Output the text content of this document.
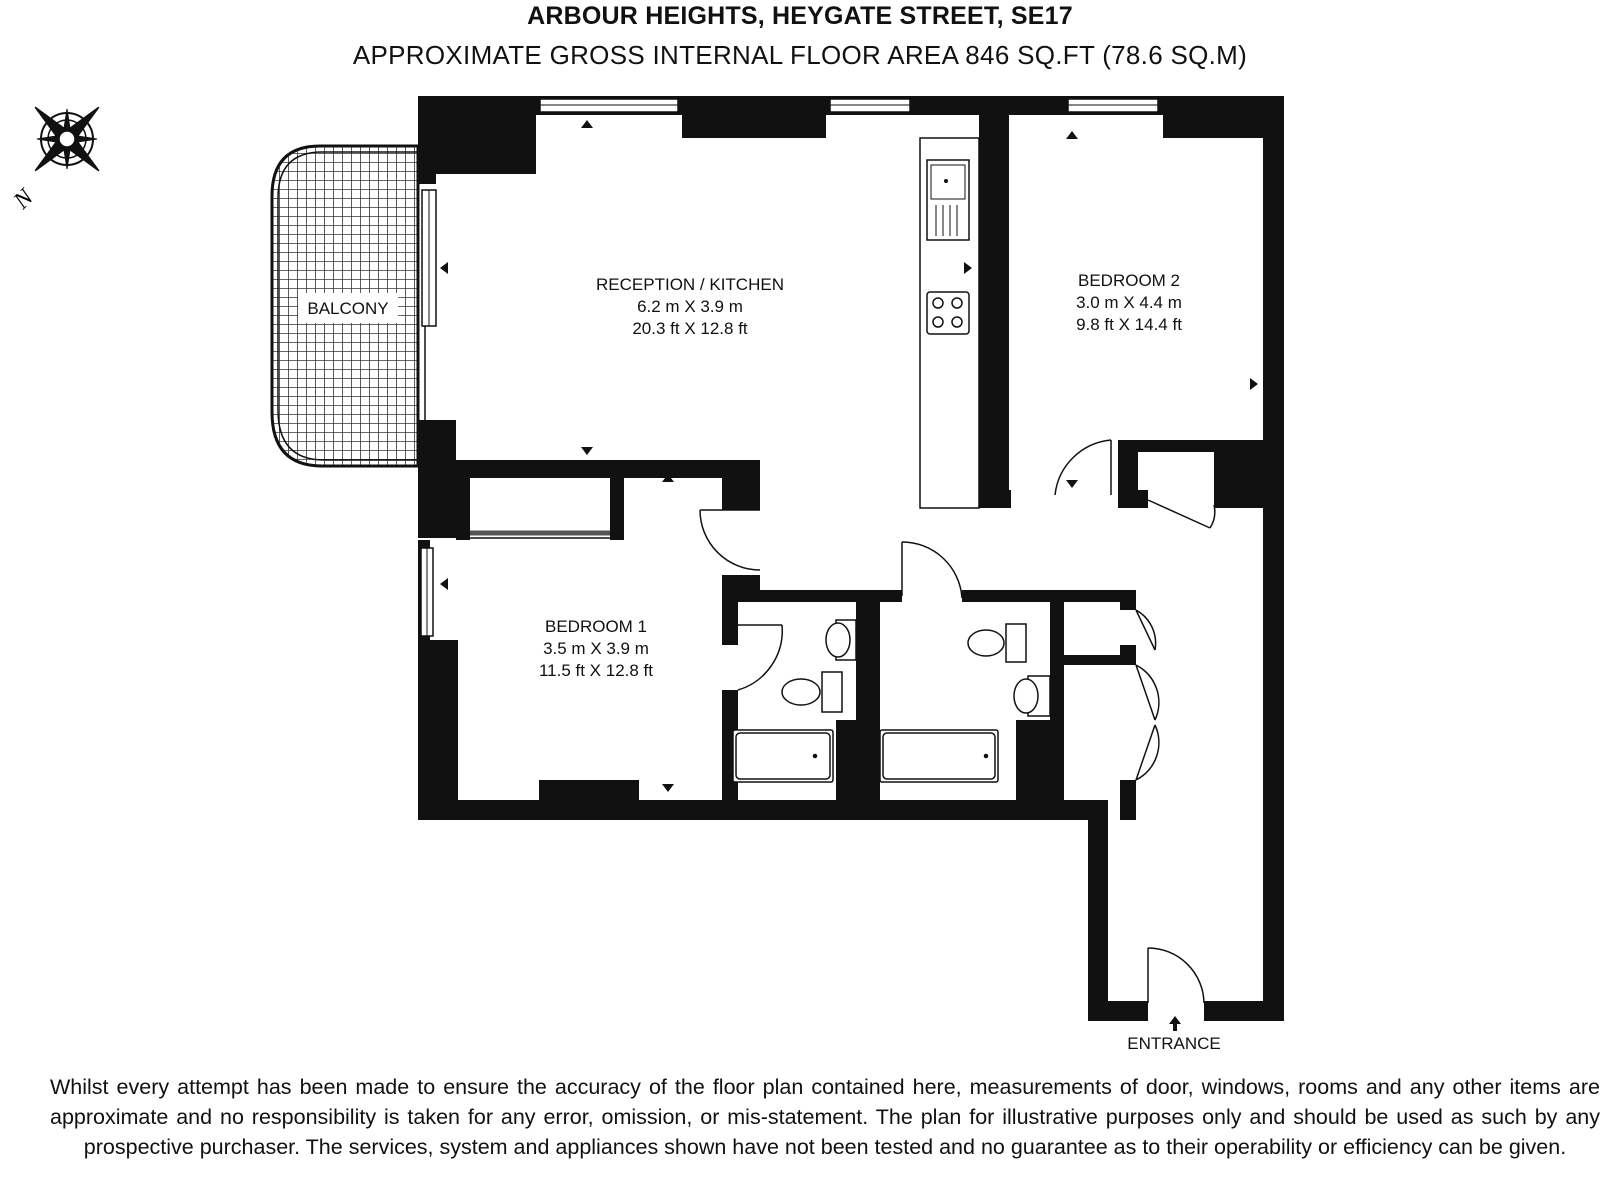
ARBOUR HEIGHTS, HEYGATE STREET, SE17
APPROXIMATE GROSS INTERNAL FLOOR AREA 846 SQ.FT (78.6 SQ.M)
N
BALCONY
RECEPTION / KITCHEN
6.2 m X 3.9 m
20.3 ft X 12.8 ft
BEDROOM 2
3.0 m X 4.4 m
9.8 ft X 14.4 ft
BEDROOM 1
3.5 m X 3.9 m
11.5 ft X 12.8 ft
ENTRANCE
Whilst every attempt has been made to ensure the accuracy of the floor plan contained here, measurements of door, windows, rooms and any other items are approximate and no responsibility is taken for any error, omission, or mis-statement. The plan for illustrative purposes only and should be used as such by any prospective purchaser. The services, system and appliances shown have not been tested and no guarantee as to their operability or efficiency can be given.
